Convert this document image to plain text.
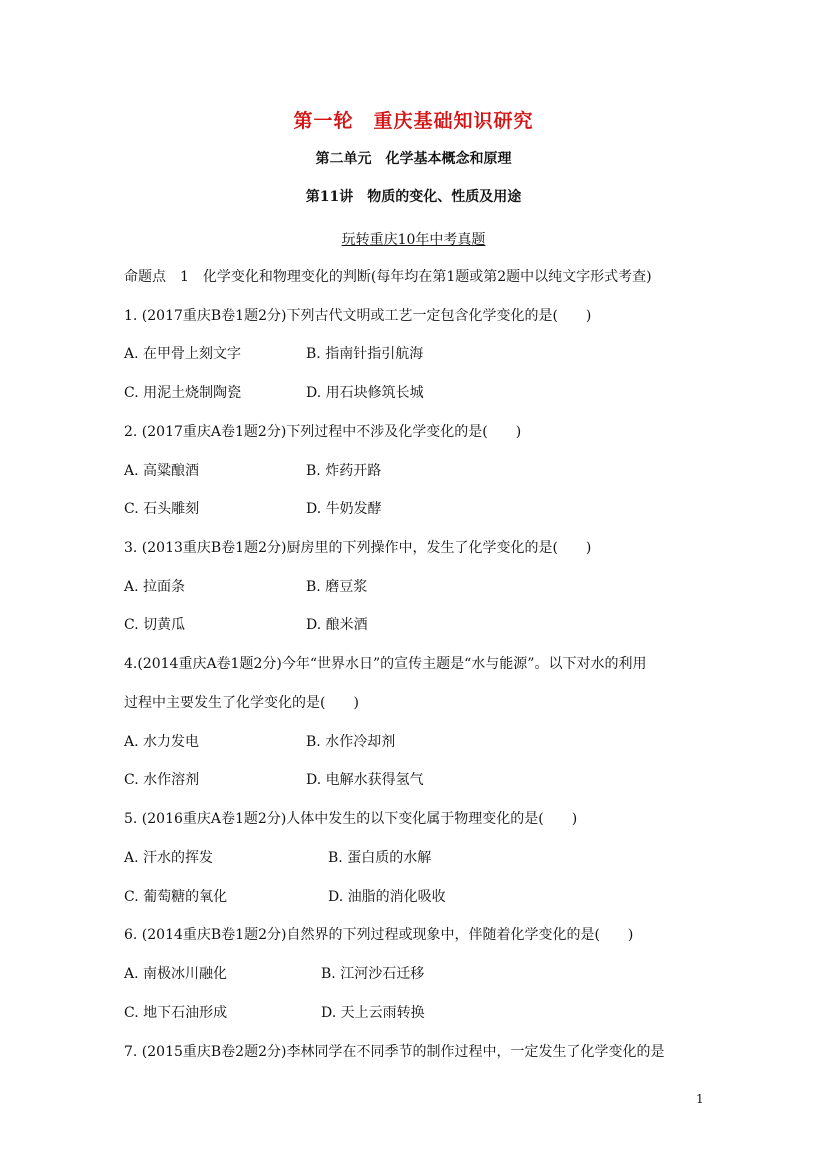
第一轮　重庆基础知识研究
第二单元　化学基本概念和原理
第11讲　物质的变化、性质及用途
玩转重庆10年中考真题
命题点　1　化学变化和物理变化的判断(每年均在第1题或第2题中以纯文字形式考查)
1. (2017重庆B卷1题2分)下列古代文明或工艺一定包含化学变化的是(　　)
A. 在甲骨上刻文字	B. 指南针指引航海
C. 用泥土烧制陶瓷	D. 用石块修筑长城
2. (2017重庆A卷1题2分)下列过程中不涉及化学变化的是(　　)
A. 高粱酿酒	B. 炸药开路
C. 石头雕刻	D. 牛奶发酵
3. (2013重庆B卷1题2分)厨房里的下列操作中，发生了化学变化的是(　　)
A. 拉面条	B. 磨豆浆
C. 切黄瓜	D. 酿米酒
4.(2014重庆A卷1题2分)今年“世界水日”的宣传主题是“水与能源”。以下对水的利用
过程中主要发生了化学变化的是(　　)
A. 水力发电	B. 水作冷却剂
C. 水作溶剂	D. 电解水获得氢气
5. (2016重庆A卷1题2分)人体中发生的以下变化属于物理变化的是(　　)
A. 汗水的挥发	B. 蛋白质的水解
C. 葡萄糖的氧化	D. 油脂的消化吸收
6. (2014重庆B卷1题2分)自然界的下列过程或现象中，伴随着化学变化的是(　　)
A. 南极冰川融化	B. 江河沙石迁移
C. 地下石油形成	D. 天上云雨转换
7. (2015重庆B卷2题2分)李林同学在不同季节的制作过程中，一定发生了化学变化的是
1
